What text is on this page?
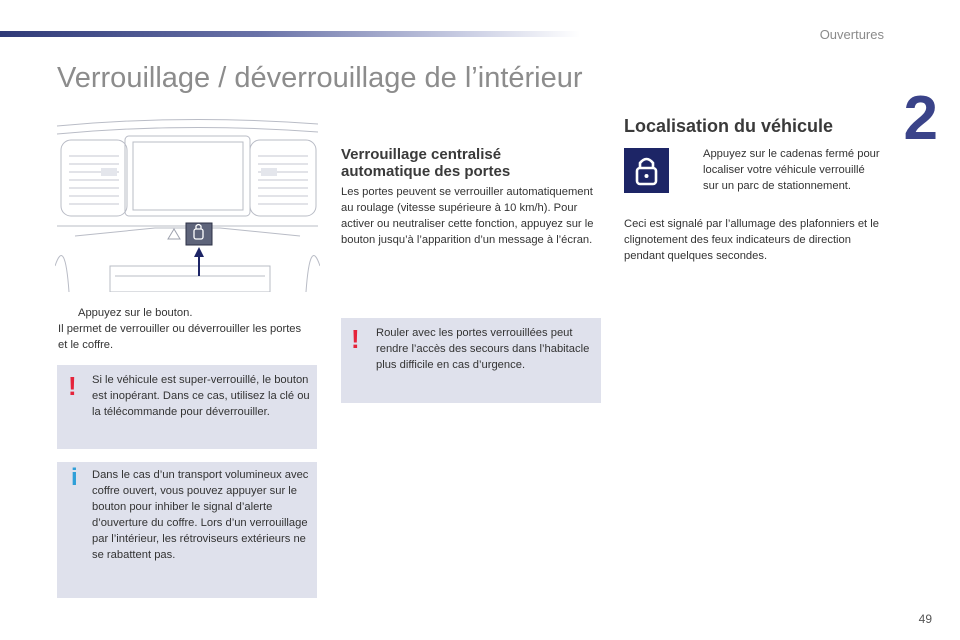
Ouvertures
2
Verrouillage / déverrouillage de l’intérieur
Appuyez sur le bouton.

Il permet de verrouiller ou déverrouiller les portes et le coffre.

! Si le véhicule est super-verrouillé, le bouton est inopérant. Dans ce cas, utilisez la clé ou la télécommande pour déverrouiller.
i Dans le cas d’un transport volumineux avec coffre ouvert, vous pouvez appuyer sur le bouton pour inhiber le signal d’alerte d’ouverture du coffre. Lors d’un verrouillage par l’intérieur, les rétroviseurs extérieurs ne se rabattent pas.
Verrouillage centralisé
automatique des portes

Les portes peuvent se verrouiller automatiquement au roulage (vitesse supérieure à 10 km/h). Pour activer ou neutraliser cette fonction, appuyez sur le bouton jusqu’à l’apparition d’un message à l’écran.

! Rouler avec les portes verrouillées peut rendre l’accès des secours dans l’habitacle plus difficile en cas d’urgence.
Localisation du véhicule
Appuyez sur le cadenas fermé pour localiser votre véhicule verrouillé sur un parc de stationnement.

Ceci est signalé par l’allumage des plafonniers et le clignotement des feux indicateurs de direction pendant quelques secondes.

49
